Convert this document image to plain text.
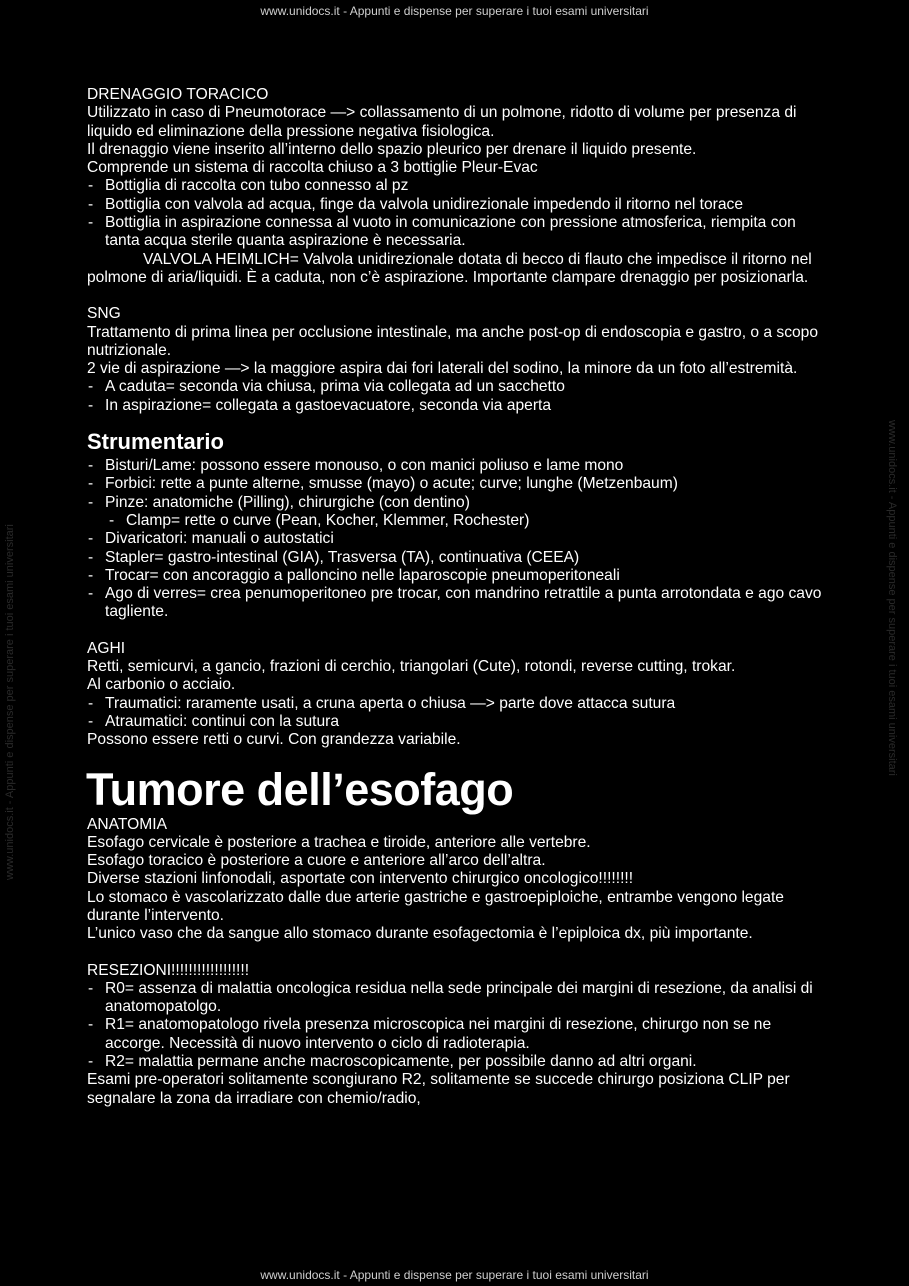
www.unidocs.it - Appunti e dispense per superare i tuoi esami universitari
www.unidocs.it - Appunti e dispense per superare i tuoi esami universitari	www.unidocs.it - Appunti e dispense per superare i tuoi esami universitari

DRENAGGIO TORACICO

Utilizzato in caso di Pneumotorace —> collassamento di un polmone, ridotto di volume per presenza di liquido ed eliminazione della pressione negativa fisiologica.

Il drenaggio viene inserito all’interno dello spazio pleurico per drenare il liquido presente.

Comprende un sistema di raccolta chiuso a 3 bottiglie Pleur-Evac

- Bottiglia di raccolta con tubo connesso al pz
- Bottiglia con valvola ad acqua, finge da valvola unidirezionale impedendo il ritorno nel torace
- Bottiglia in aspirazione connessa al vuoto in comunicazione con pressione atmosferica, riempita con tanta acqua sterile quanta aspirazione è necessaria.

VALVOLA HEIMLICH= Valvola unidirezionale dotata di becco di flauto che impedisce il ritorno nel polmone di aria/liquidi. È a caduta, non c’è aspirazione. Importante clampare drenaggio per posizionarla.

SNG

Trattamento di prima linea per occlusione intestinale, ma anche post-op di endoscopia e gastro, o a scopo nutrizionale.

2 vie di aspirazione —> la maggiore aspira dai fori laterali del sodino, la minore da un foto all’estremità.

- A caduta= seconda via chiusa, prima via collegata ad un sacchetto
- In aspirazione= collegata a gastoevacuatore, seconda via aperta
Strumentario
- Bisturi/Lame: possono essere monouso, o con manici poliuso e lame mono
- Forbici: rette a punte alterne, smusse (mayo) o acute; curve; lunghe (Metzenbaum)
- Pinze: anatomiche (Pilling), chirurgiche (con dentino)
- Clamp= rette o curve (Pean, Kocher, Klemmer, Rochester)
- Divaricatori: manuali o autostatici
- Stapler= gastro-intestinal (GIA), Trasversa (TA), continuativa (CEEA)
- Trocar= con ancoraggio a palloncino nelle laparoscopie pneumoperitoneali
- Ago di verres= crea penumoperitoneo pre trocar, con mandrino retrattile a punta arrotondata e ago cavo tagliente.

AGHI

Retti, semicurvi, a gancio, frazioni di cerchio, triangolari (Cute), rotondi, reverse cutting, trokar.

Al carbonio o acciaio.

- Traumatici: raramente usati, a cruna aperta o chiusa —> parte dove attacca sutura
- Atraumatici: continui con la sutura

Possono essere retti o curvi. Con grandezza variabile.

Tumore dell’esofago

ANATOMIA

Esofago cervicale è posteriore a trachea e tiroide, anteriore alle vertebre.

Esofago toracico è posteriore a cuore e anteriore all’arco dell’altra.

Diverse stazioni linfonodali, asportate con intervento chirurgico oncologico!!!!!!!!

Lo stomaco è vascolarizzato dalle due arterie gastriche e gastroepiploiche, entrambe vengono legate durante l’intervento.

L’unico vaso che da sangue allo stomaco durante esofagectomia è l’epiploica dx, più importante.

RESEZIONI!!!!!!!!!!!!!!!!!!

- R0= assenza di malattia oncologica residua nella sede principale dei margini di resezione, da analisi di anatomopatolgo.
- R1= anatomopatologo rivela presenza microscopica nei margini di resezione, chirurgo non se ne accorge. Necessità di nuovo intervento o ciclo di radioterapia.
- R2= malattia permane anche macroscopicamente, per possibile danno ad altri organi.

Esami pre-operatori solitamente scongiurano R2, solitamente se succede chirurgo posiziona CLIP per segnalare la zona da irradiare con chemio/radio,

www.unidocs.it - Appunti e dispense per superare i tuoi esami universitari
